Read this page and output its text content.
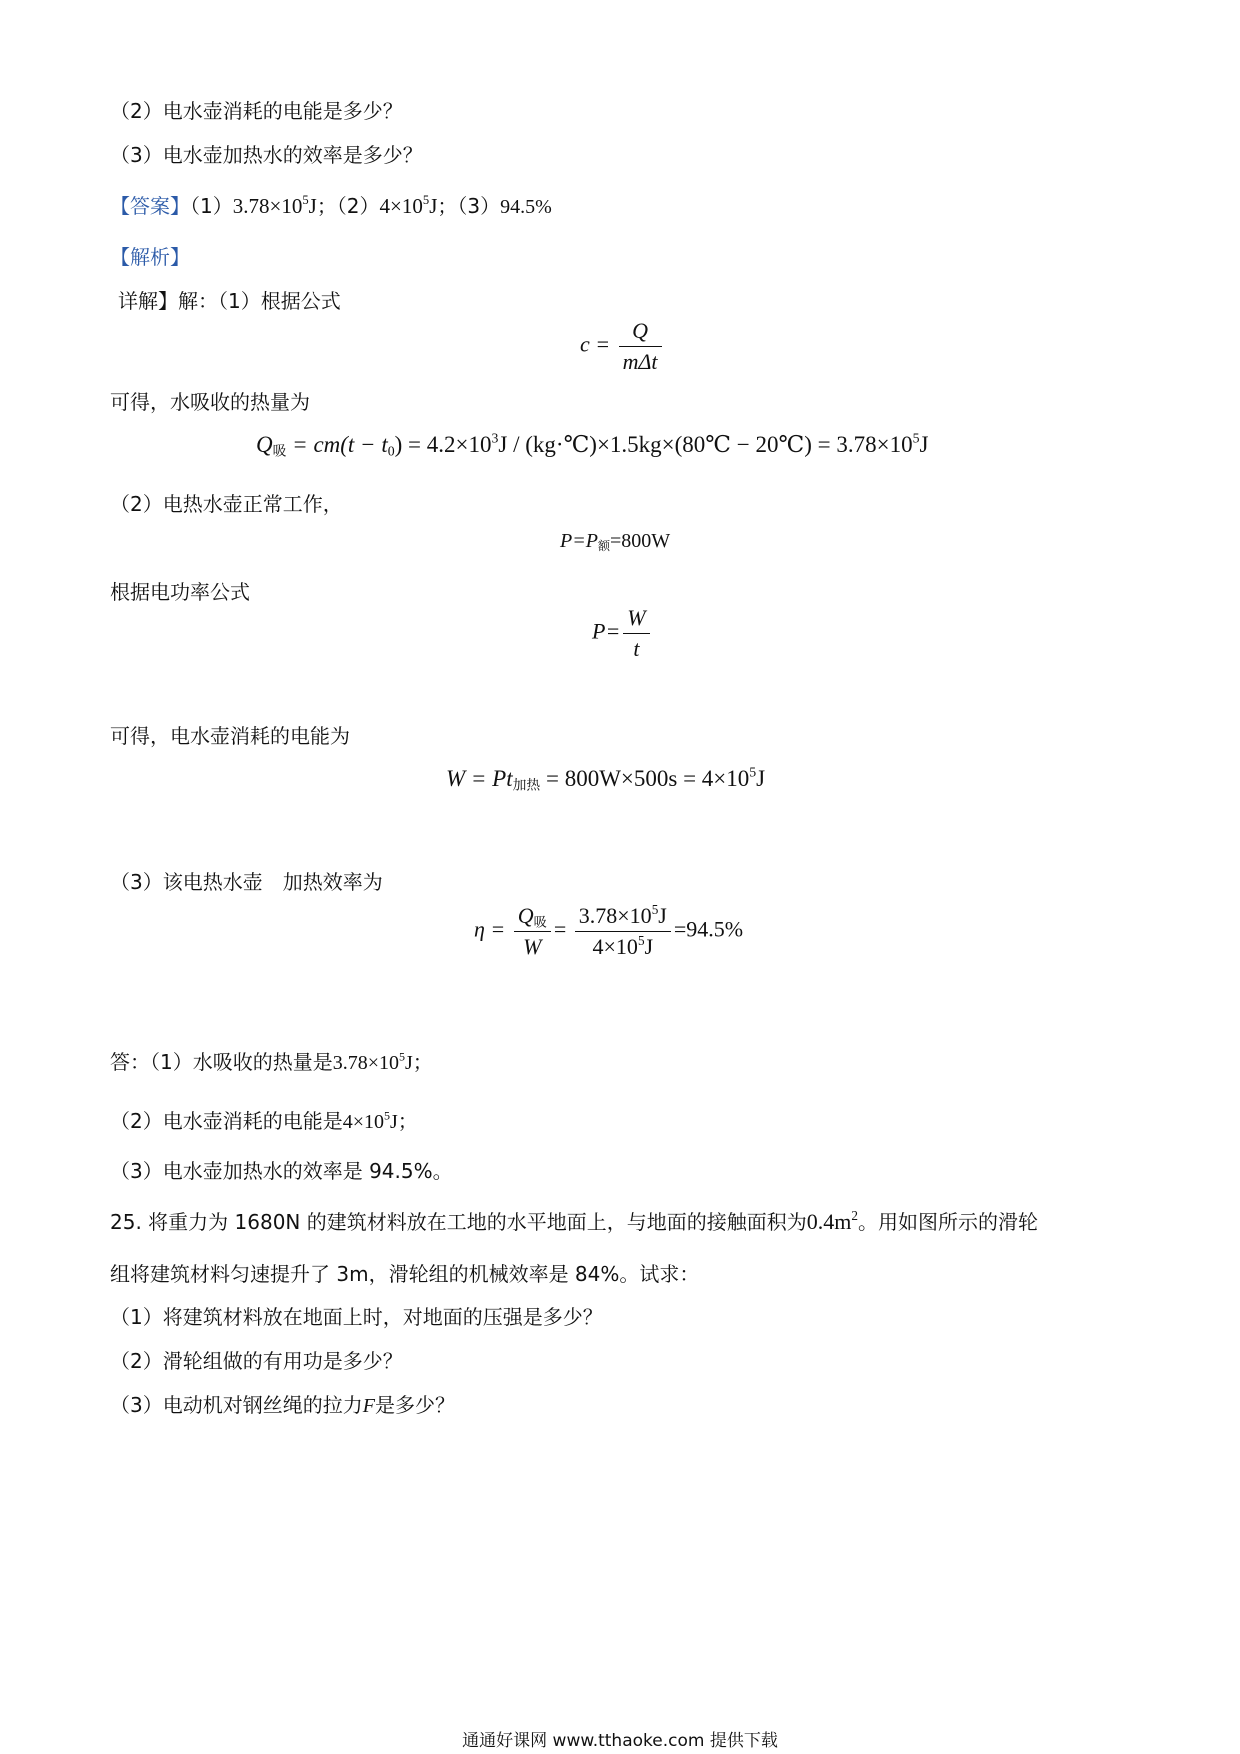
（2）电水壶消耗的电能是多少？
（3）电水壶加热水的效率是多少？
【答案】$(1)3.78\times 10^5J$；$(2)4\times 10^5J$；（3）94.5%
【解析】
详解】解：（1）根据公式
$c = \frac{Q}{\text{mΔt}}$
可得，水吸收的热量为
$Q_吸 = cm(t - t_0) = 4.2\times 10^3J$ / (kg·℃)×1.5kg×(80℃ − 20℃) = $3.78\times 10^5J$
（2）电热水壶正常工作，
$P=P_额=800W$
根据电功率公式
$P= \frac{W}{t}$
可得，电水壶消耗的电能为
$W = Pt_{加热} = 800W\times 500s = 4\times 10^5J$
（3）该电热水壶　加热效率为
$\eta = \frac{Q_吸}{W} = \frac{3.78\times 10^5J}{4\times 10^5J} =94.5\%$
答：（1）水吸收的热量是$3.78\times 10^5J$；
（2）电水壶消耗的电能是$4\times 10^5J$；
（3）电水壶加热水的效率是 94.5%。
25. 将重力为 1680N 的建筑材料放在工地的水平地面上，与地面的接触面积为$0.4m^2$。用如图所示的滑轮
组将建筑材料匀速提升了 3m，滑轮组的机械效率是 84%。试求：
（1）将建筑材料放在地面上时，对地面的压强是多少？
（2）滑轮组做的有用功是多少？
（3）电动机对钢丝绳的拉力F是多少？
通通好课网 www.tthaoke.com 提供下载
